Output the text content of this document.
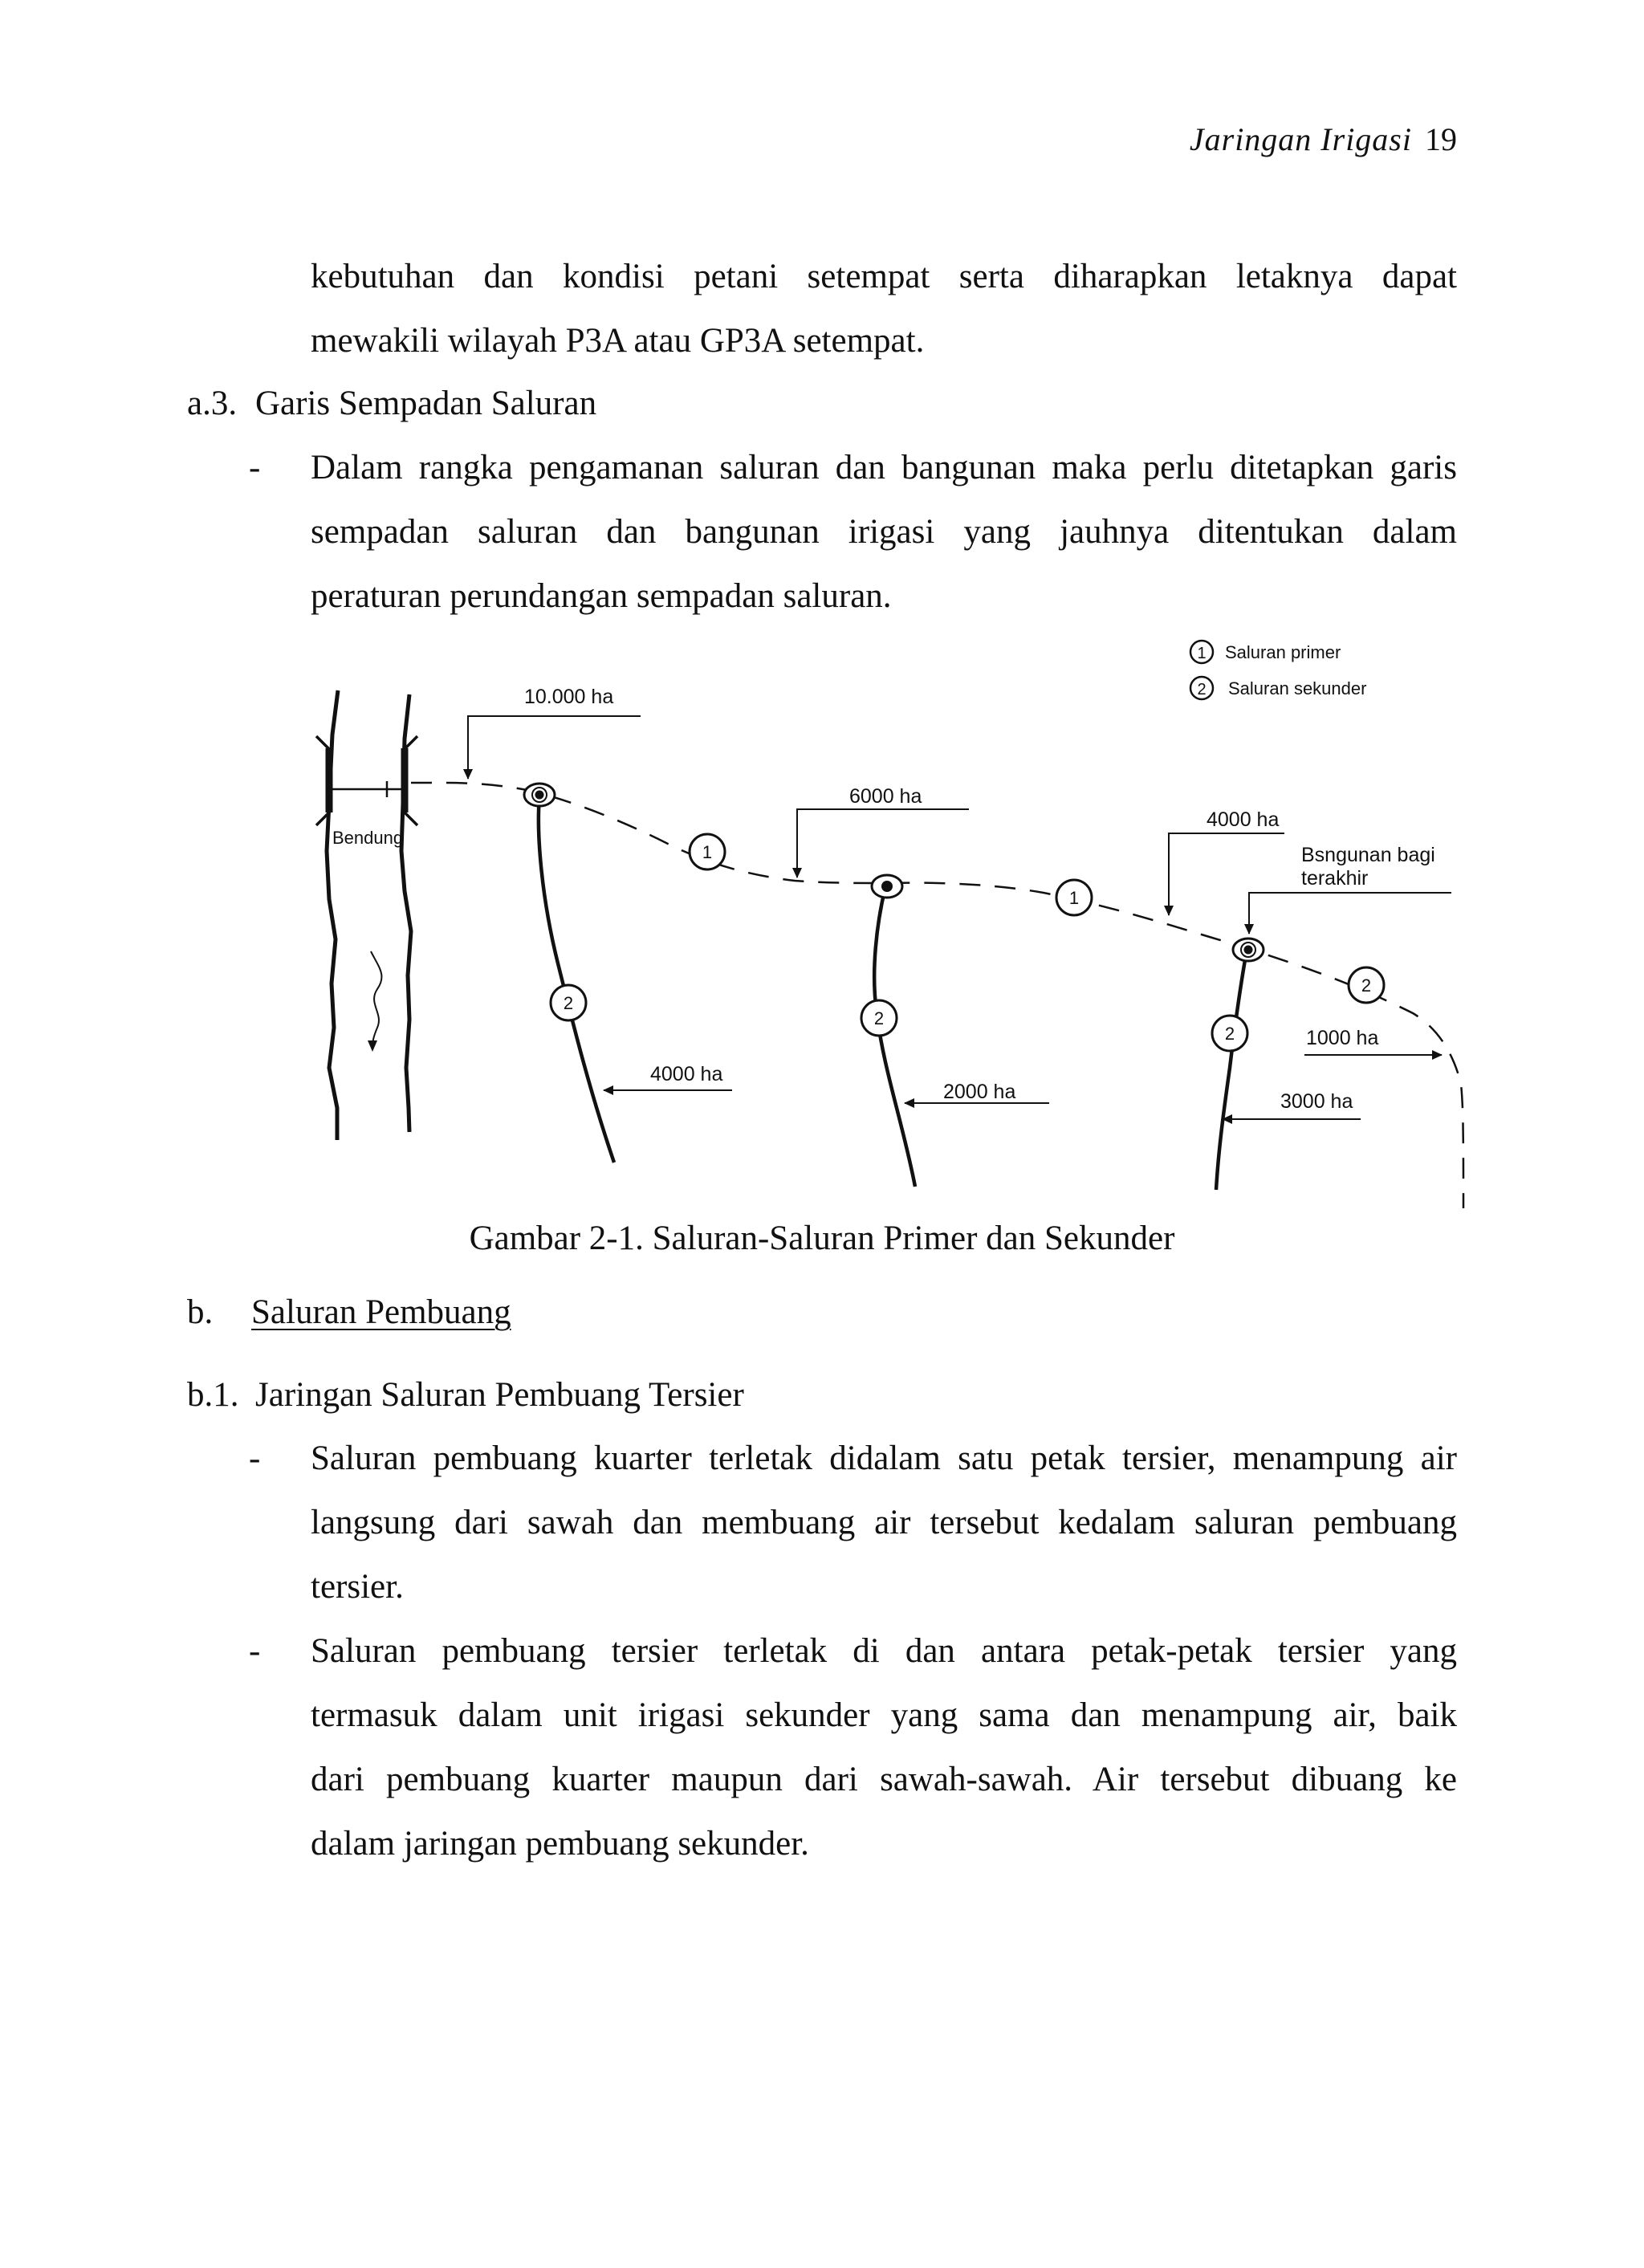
Jaringan Irigasi 19
kebutuhan dan kondisi petani setempat serta diharapkan letaknya dapat
mewakili wilayah P3A atau GP3A setempat.
a.3. Garis Sempadan Saluran
- Dalam rangka pengamanan saluran dan bangunan maka perlu ditetapkan garis
sempadan saluran dan bangunan irigasi yang jauhnya ditentukan dalam
peraturan perundangan sempadan saluran.
1 Saluran primer
2 Saluran sekunder
Bendung
1
1
2
2
2
2
10.000 ha
6000 ha
4000 ha
Bsngunan bagi
terakhir
4000 ha
2000 ha	3000 ha
1000 ha
Gambar 2-1. Saluran-Saluran Primer dan Sekunder
b. Saluran Pembuang
b.1. Jaringan Saluran Pembuang Tersier
- Saluran pembuang kuarter terletak didalam satu petak tersier, menampung air
langsung dari sawah dan membuang air tersebut kedalam saluran pembuang
tersier.
- Saluran pembuang tersier terletak di dan antara petak-petak tersier yang
termasuk dalam unit irigasi sekunder yang sama dan menampung air, baik
dari pembuang kuarter maupun dari sawah-sawah. Air tersebut dibuang ke
dalam jaringan pembuang sekunder.
